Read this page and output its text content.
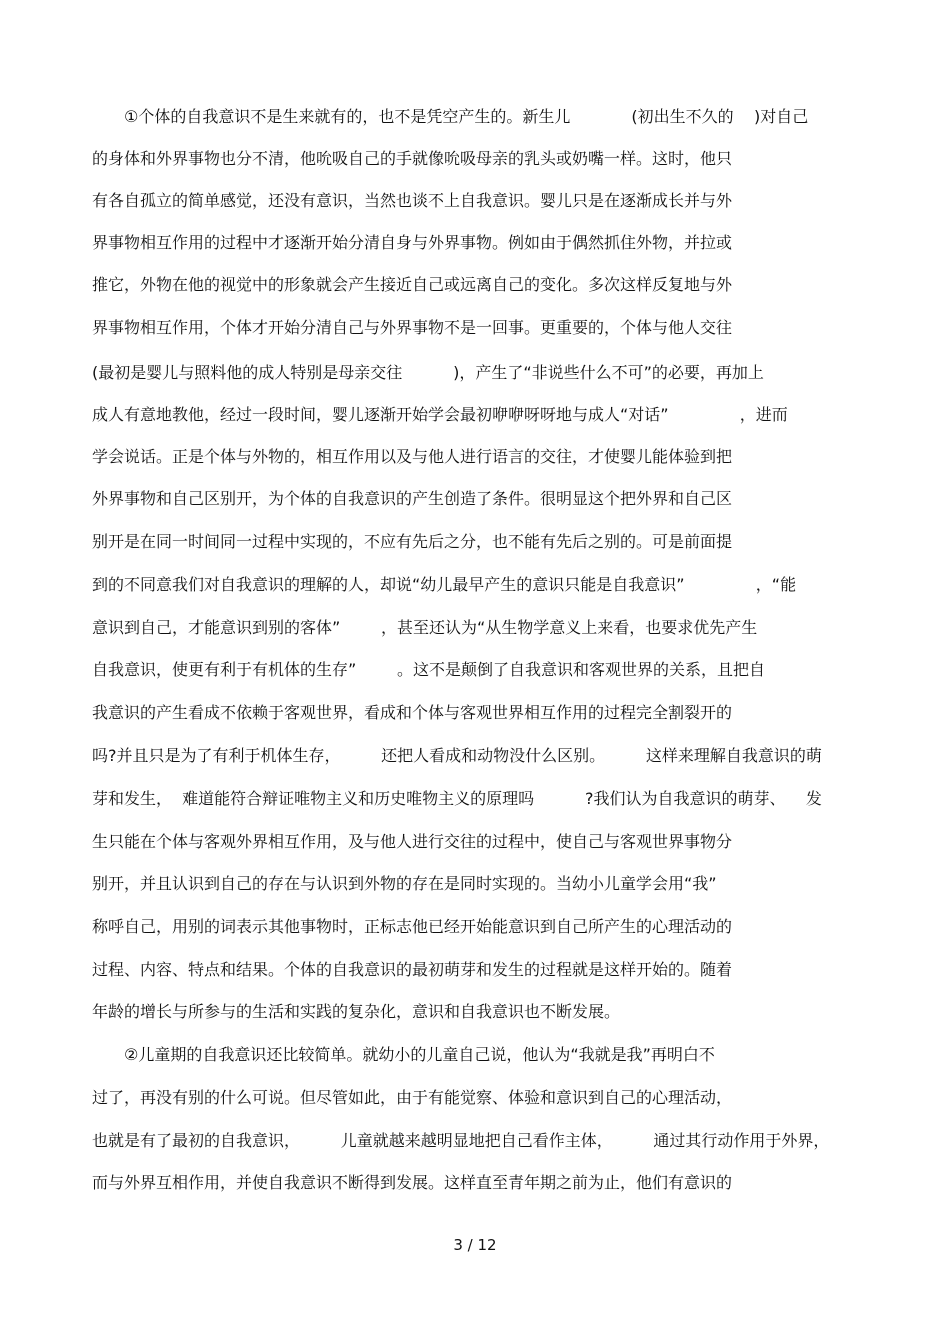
①个体的自我意识不是生来就有的，也不是凭空产生的。新生儿            (初出生不久的    )对自己
的身体和外界事物也分不清，他吮吸自己的手就像吮吸母亲的乳头或奶嘴一样。这时，他只
有各自孤立的简单感觉，还没有意识，当然也谈不上自我意识。婴儿只是在逐渐成长并与外
界事物相互作用的过程中才逐渐开始分清自身与外界事物。例如由于偶然抓住外物，并拉或
推它，外物在他的视觉中的形象就会产生接近自己或远离自己的变化。多次这样反复地与外
界事物相互作用，个体才开始分清自己与外界事物不是一回事。更重要的，个体与他人交往
(最初是婴儿与照料他的成人特别是母亲交往          )，产生了“非说些什么不可”的必要，再加上
成人有意地教他，经过一段时间，婴儿逐渐开始学会最初咿咿呀呀地与成人“对话”              ，进而
学会说话。正是个体与外物的，相互作用以及与他人进行语言的交往，才使婴儿能体验到把
外界事物和自己区别开，为个体的自我意识的产生创造了条件。很明显这个把外界和自己区
别开是在同一时间同一过程中实现的，不应有先后之分，也不能有先后之别的。可是前面提
到的不同意我们对自我意识的理解的人，却说“幼儿最早产生的意识只能是自我意识”              ，“能
意识到自己，才能意识到别的客体”        ，甚至还认为“从生物学意义上来看，也要求优先产生
自我意识，使更有利于有机体的生存”        。这不是颠倒了自我意识和客观世界的关系，且把自
我意识的产生看成不依赖于客观世界，看成和个体与客观世界相互作用的过程完全割裂开的
吗?并且只是为了有利于机体生存，        还把人看成和动物没什么区别。        这样来理解自我意识的萌
芽和发生，  难道能符合辩证唯物主义和历史唯物主义的原理吗          ?我们认为自我意识的萌芽、    发
生只能在个体与客观外界相互作用，及与他人进行交往的过程中，使自己与客观世界事物分
别开，并且认识到自己的存在与认识到外物的存在是同时实现的。当幼小儿童学会用“我”
称呼自己，用别的词表示其他事物时，正标志他已经开始能意识到自己所产生的心理活动的
过程、内容、特点和结果。个体的自我意识的最初萌芽和发生的过程就是这样开始的。随着
年龄的增长与所参与的生活和实践的复杂化，意识和自我意识也不断发展。
②儿童期的自我意识还比较简单。就幼小的儿童自己说，他认为“我就是我”再明白不
过了，再没有别的什么可说。但尽管如此，由于有能觉察、体验和意识到自己的心理活动，
也就是有了最初的自我意识，        儿童就越来越明显地把自己看作主体，        通过其行动作用于外界，
而与外界互相作用，并使自我意识不断得到发展。这样直至青年期之前为止，他们有意识的
3 / 12
